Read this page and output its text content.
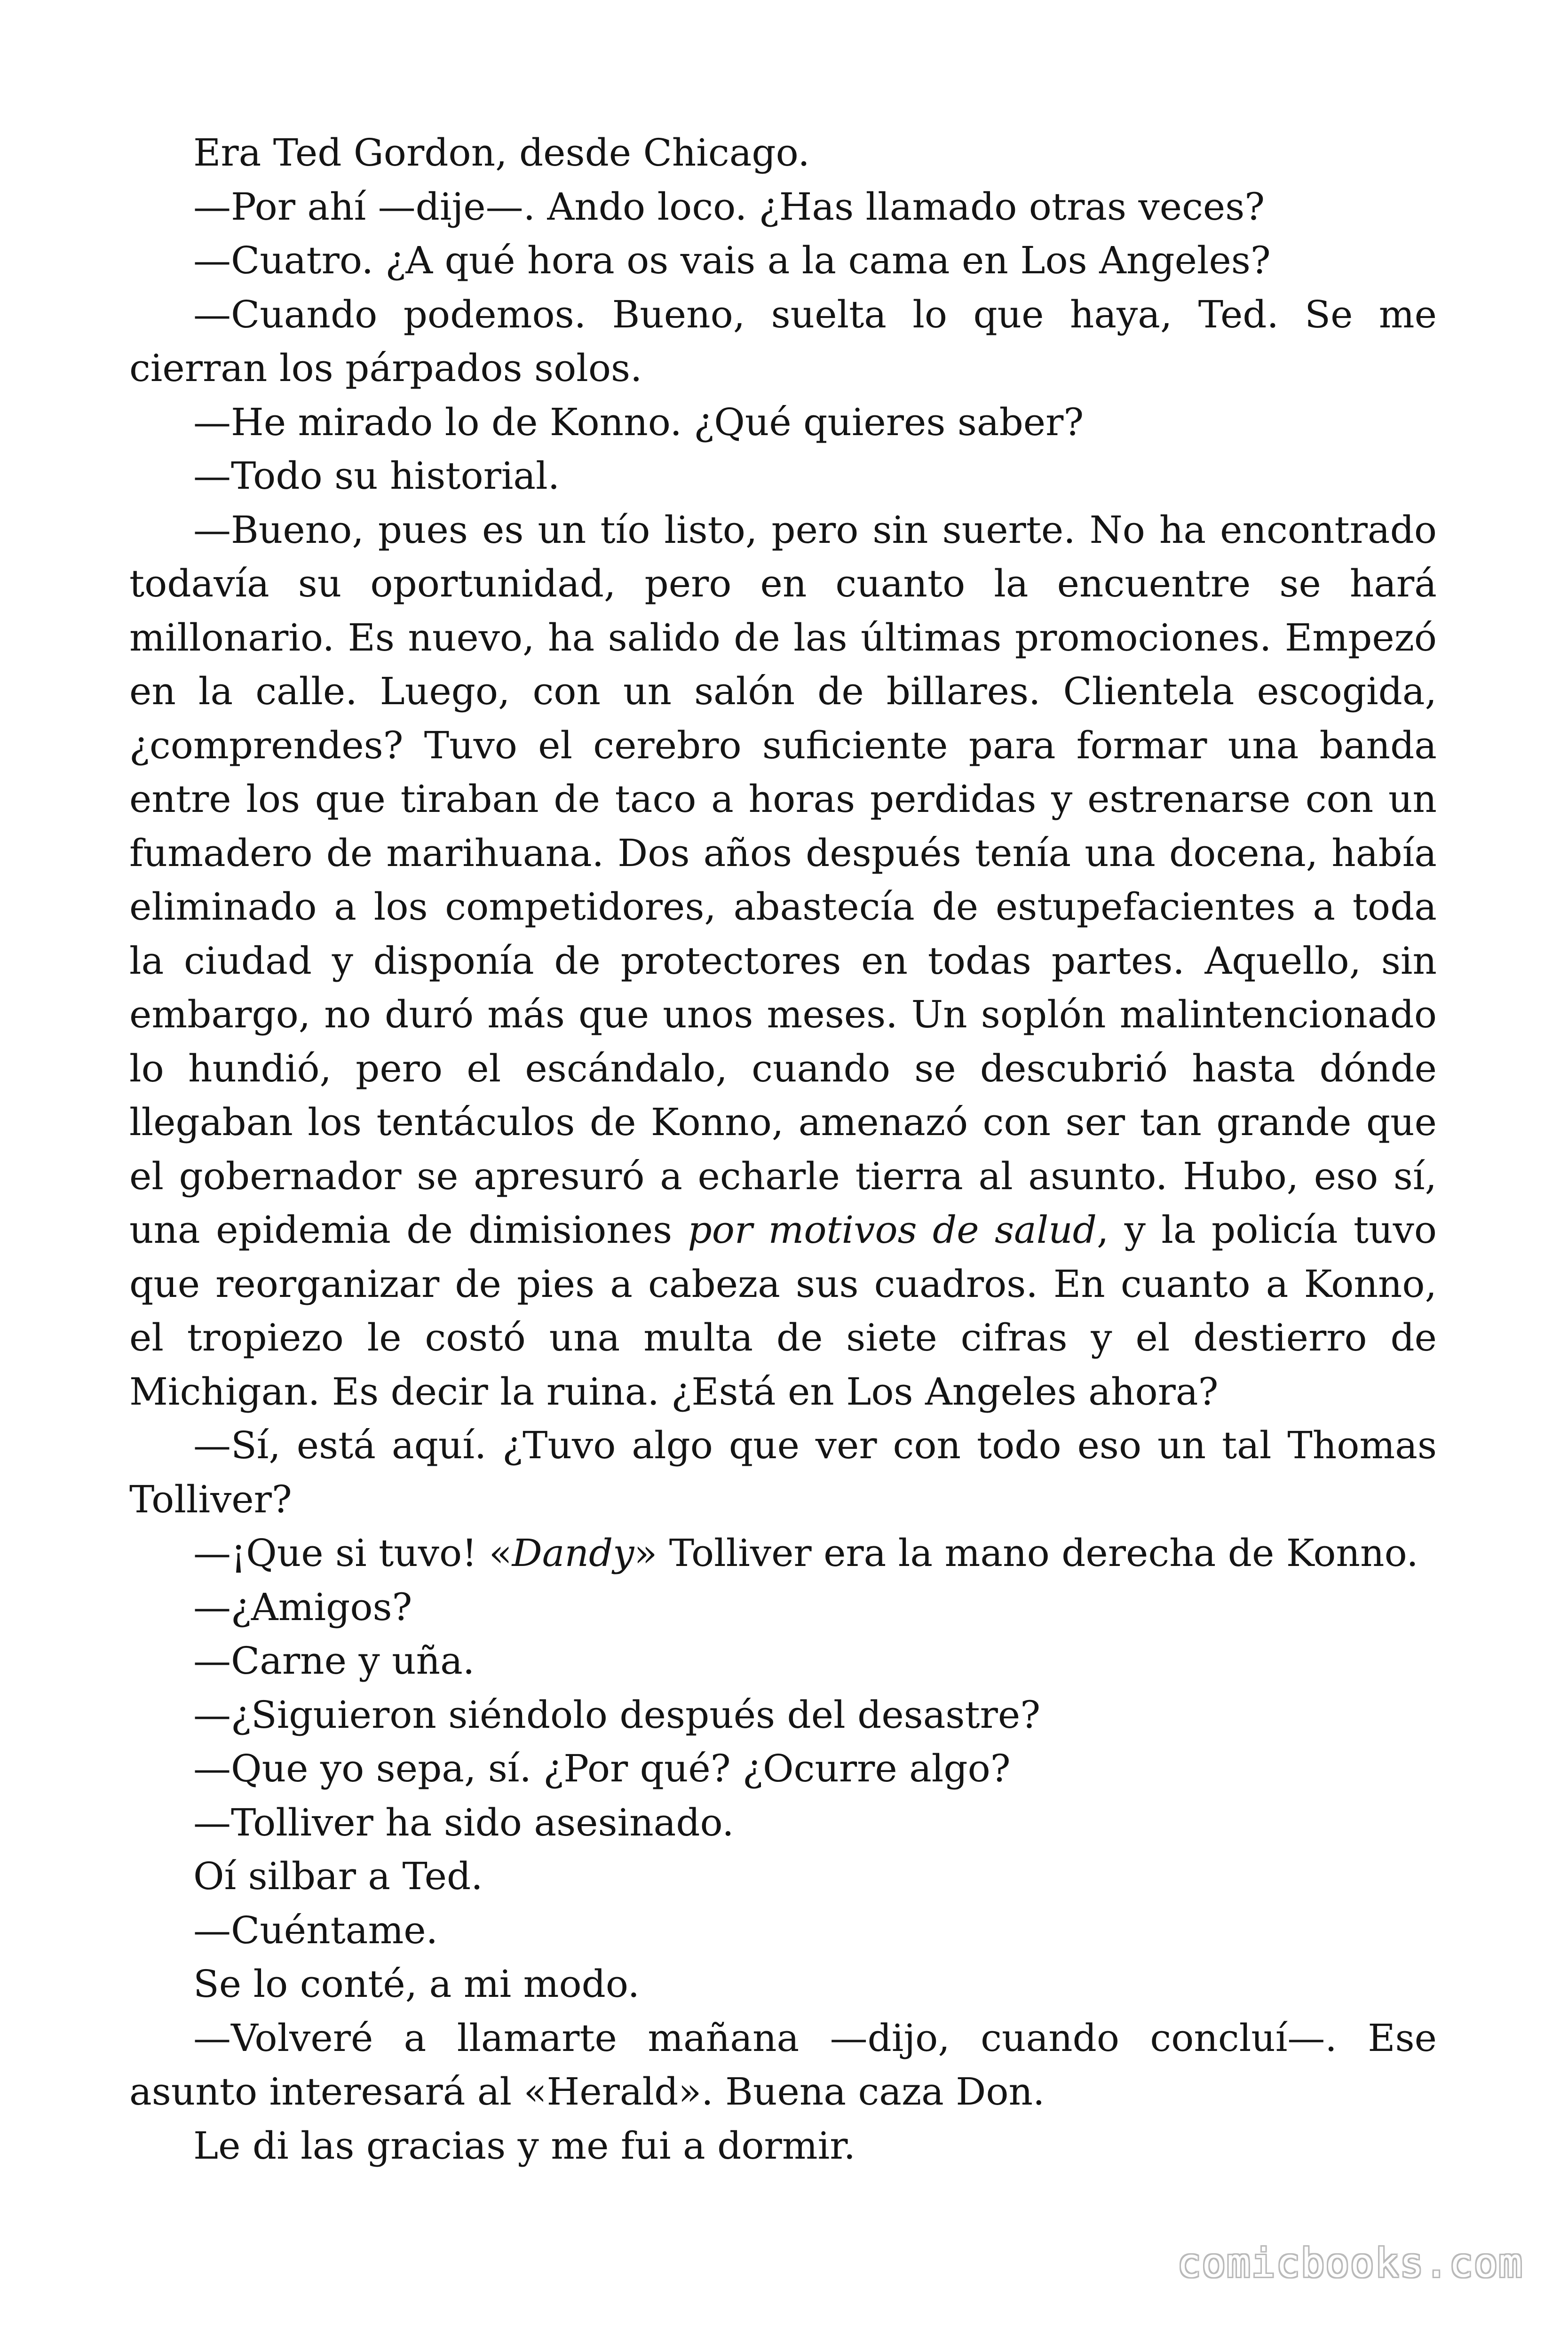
Era Ted Gordon, desde Chicago.

—Por ahí —dije—. Ando loco. ¿Has llamado otras veces?

—Cuatro. ¿A qué hora os vais a la cama en Los Angeles?

—Cuando podemos. Bueno, suelta lo que haya, Ted. Se me cierran los párpados solos.

—He mirado lo de Konno. ¿Qué quieres saber?

—Todo su historial.

—Bueno, pues es un tío listo, pero sin suerte. No ha encontrado todavía su oportunidad, pero en cuanto la encuentre se hará millonario. Es nuevo, ha salido de las últimas promociones. Empezó en la calle. Luego, con un salón de billares. Clientela escogida, ¿comprendes? Tuvo el cerebro suficiente para formar una banda entre los que tiraban de taco a horas perdidas y estrenarse con un fumadero de marihuana. Dos años después tenía una docena, había eliminado a los competidores, abastecía de estupefacientes a toda la ciudad y disponía de protectores en todas partes. Aquello, sin embargo, no duró más que unos meses. Un soplón malintencionado lo hundió, pero el escándalo, cuando se descubrió hasta dónde llegaban los tentáculos de Konno, amenazó con ser tan grande que el gobernador se apresuró a echarle tierra al asunto. Hubo, eso sí, una epidemia de dimisiones por motivos de salud, y la policía tuvo que reorganizar de pies a cabeza sus cuadros. En cuanto a Konno, el tropiezo le costó una multa de siete cifras y el destierro de Michigan. Es decir la ruina. ¿Está en Los Angeles ahora?

—Sí, está aquí. ¿Tuvo algo que ver con todo eso un tal Thomas Tolliver?

—¡Que si tuvo! «Dandy» Tolliver era la mano derecha de Konno.

—¿Amigos?

—Carne y uña.

—¿Siguieron siéndolo después del desastre?

—Que yo sepa, sí. ¿Por qué? ¿Ocurre algo?

—Tolliver ha sido asesinado.

Oí silbar a Ted.

—Cuéntame.

Se lo conté, a mi modo.

—Volveré a llamarte mañana —dijo, cuando concluí—. Ese asunto interesará al «Herald». Buena caza Don.

Le di las gracias y me fui a dormir.

comicbooks.com
